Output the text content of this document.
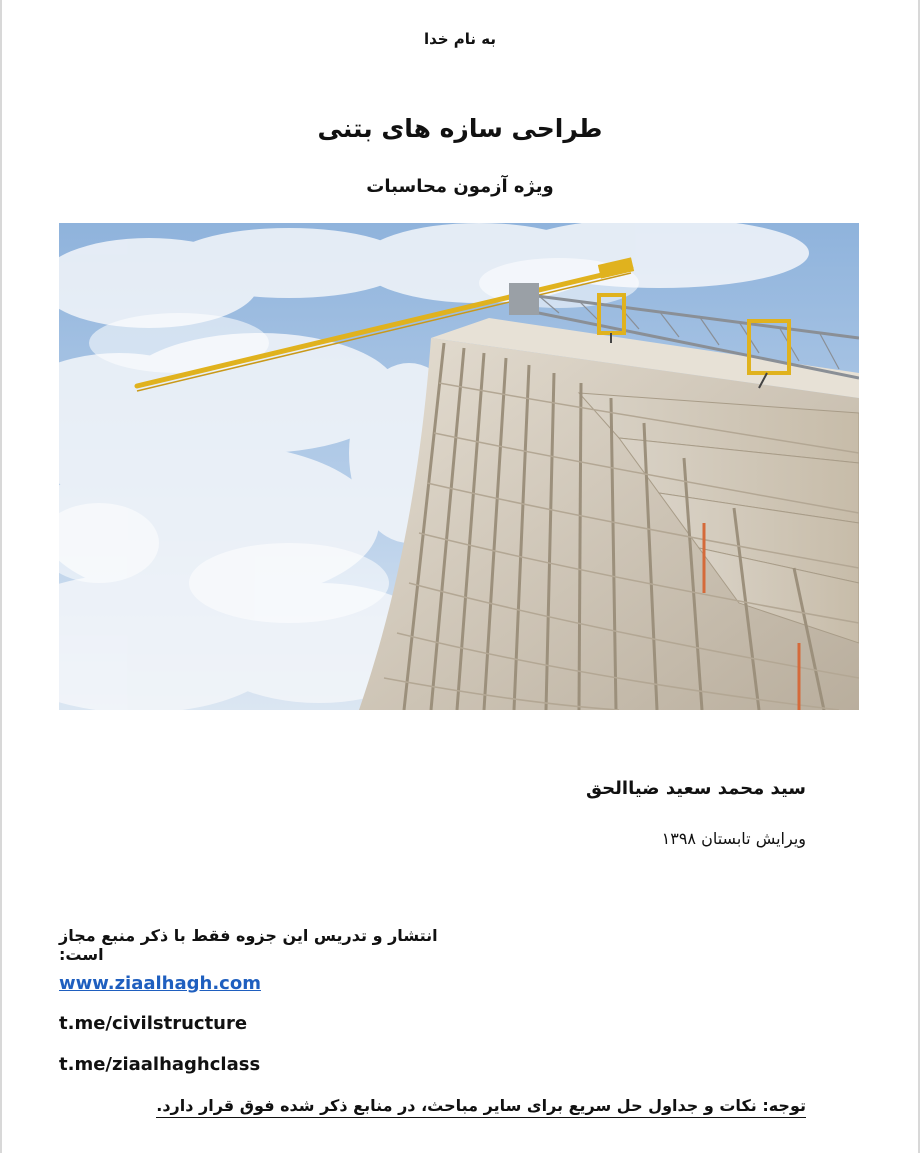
به نام خدا
طراحی سازه های بتنی
ویژه آزمون محاسبات
سید محمد سعید ضیاالحق
ویرایش تابستان ۱۳۹۸
انتشار و تدریس این جزوه فقط با ذکر منبع مجاز است:
www.ziaalhagh.com
t.me/civilstructure
t.me/ziaalhaghclass
توجه: نکات و جداول حل سریع برای سایر مباحث، در منابع ذکر شده فوق قرار دارد.
